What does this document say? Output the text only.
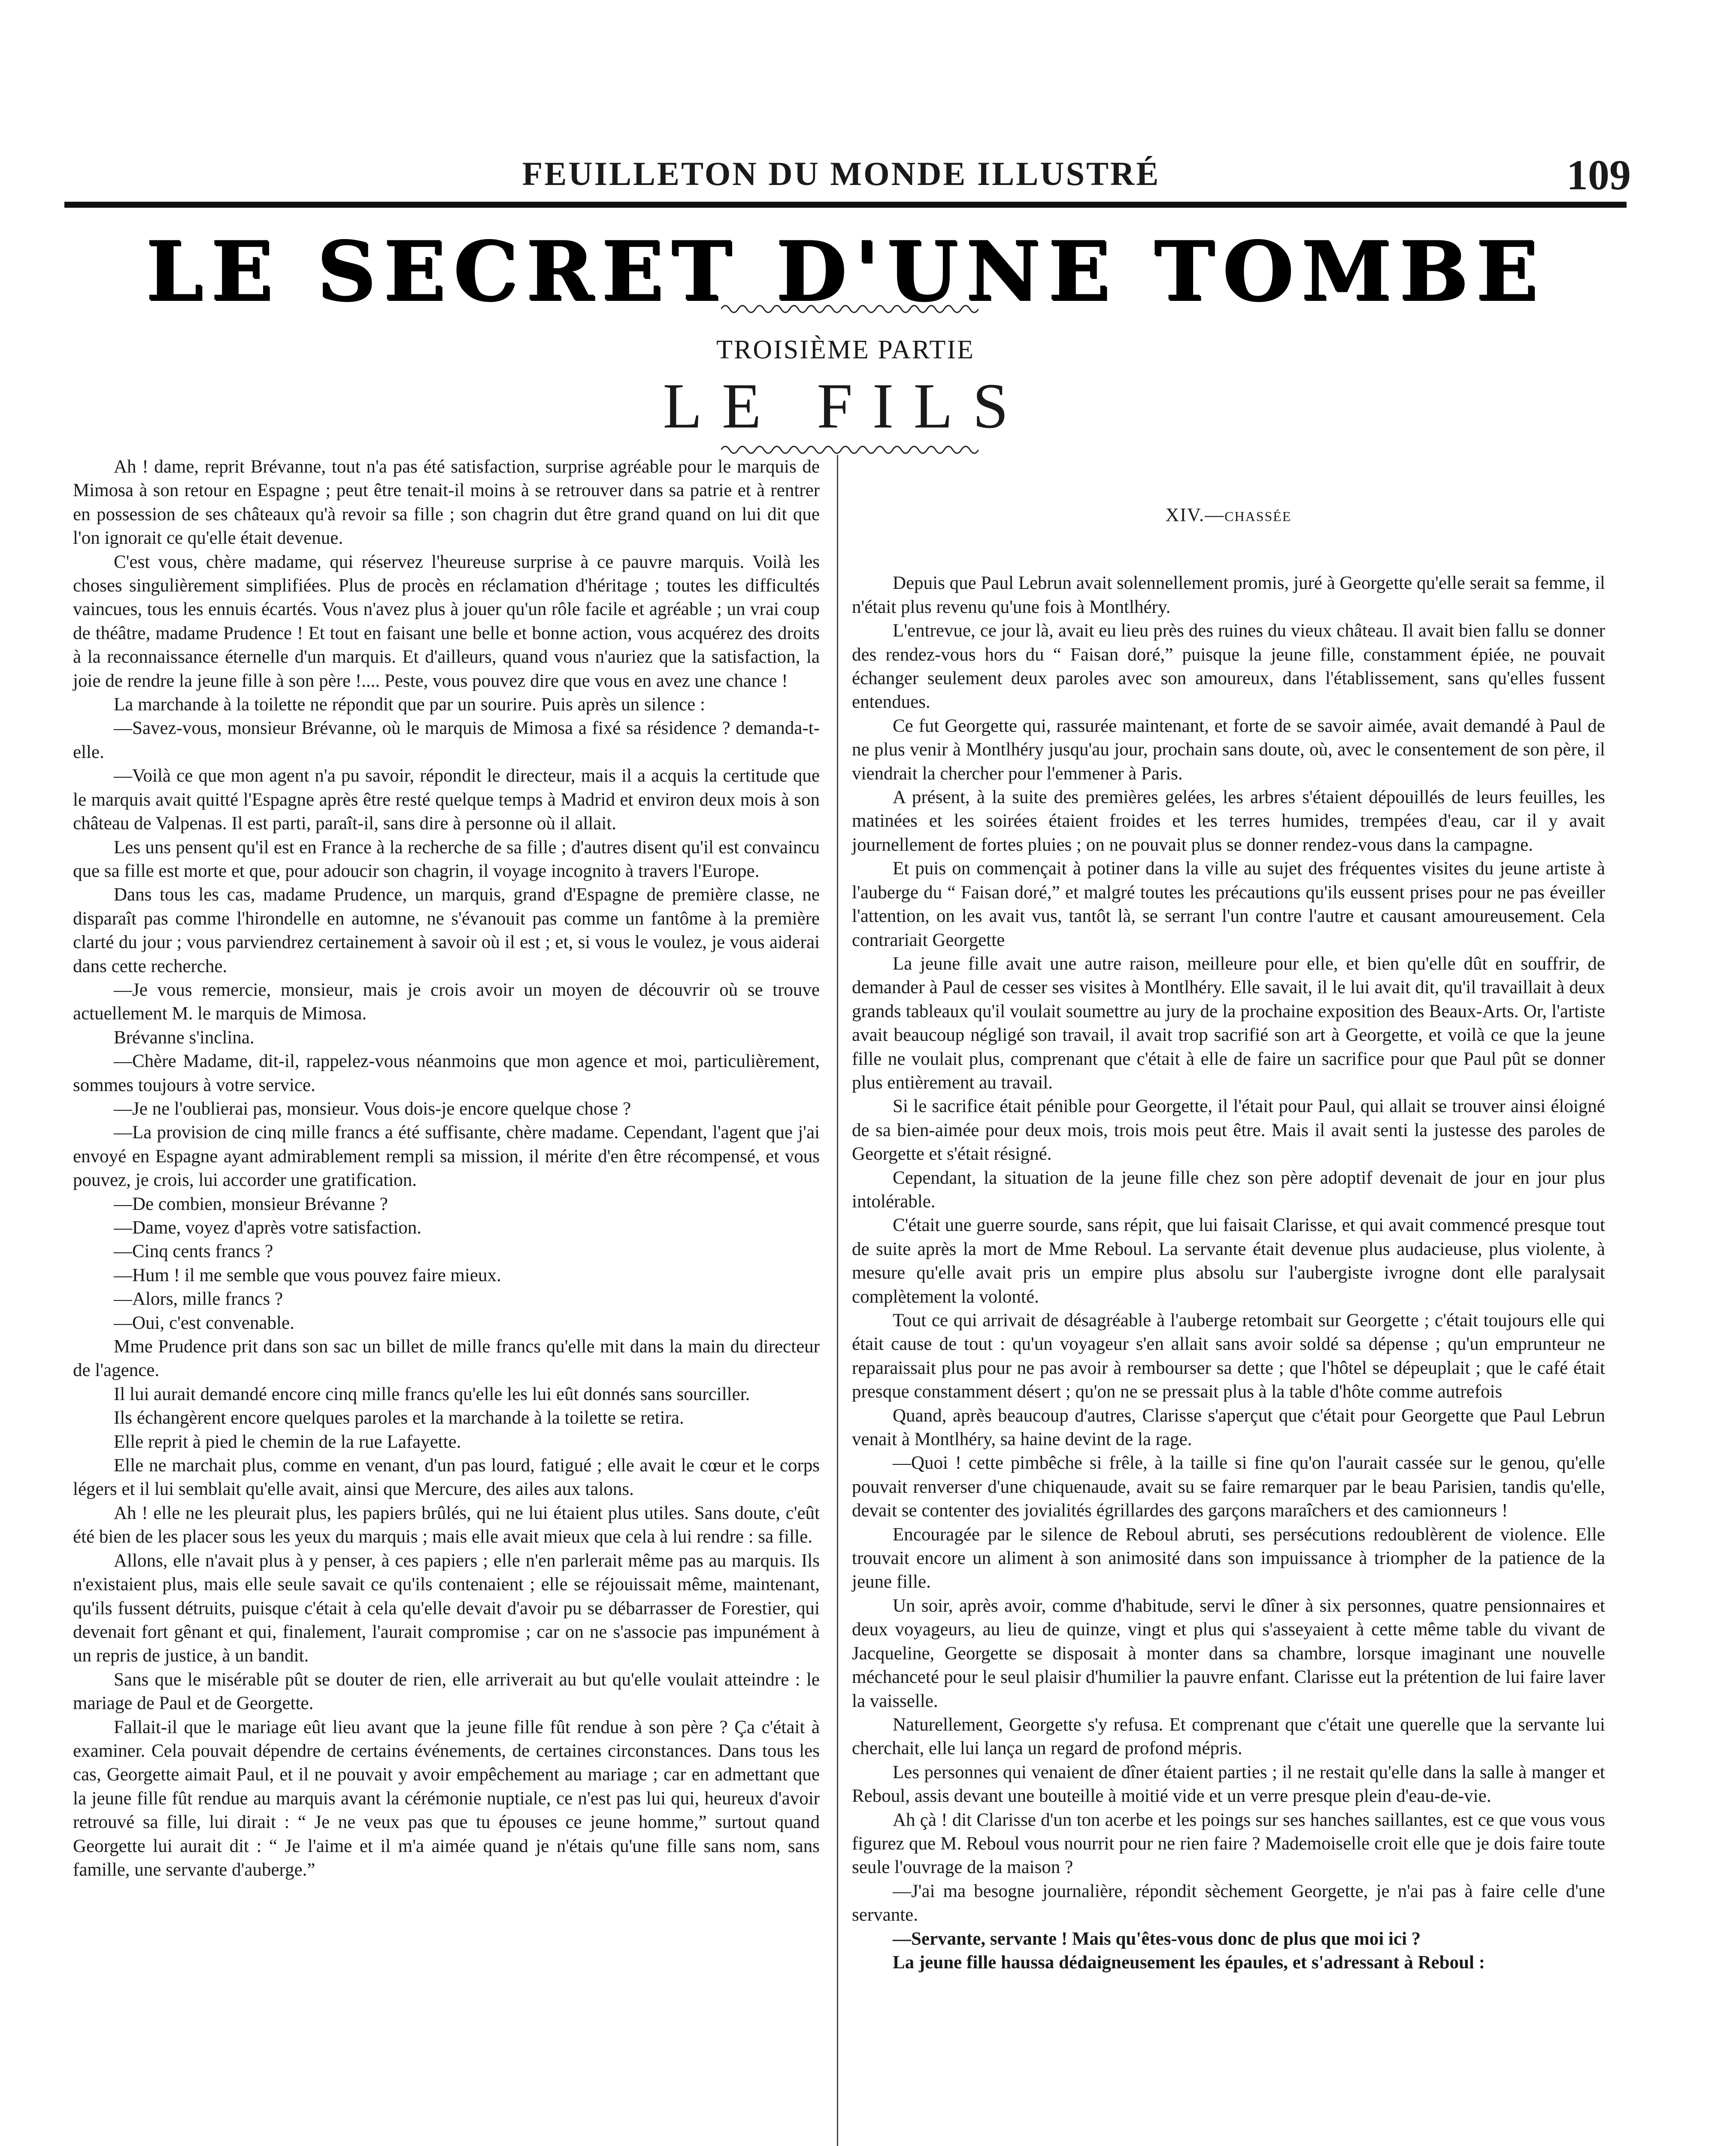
FEUILLETON DU MONDE ILLUSTRÉ	109
LE SECRET D'UNE TOMBE
TROISIÈME PARTIE
LE FILS

Ah ! dame, reprit Brévanne, tout n'a pas été satisfaction, surprise agréable pour le marquis de Mimosa à son retour en Espagne ; peut être tenait-il moins à se retrouver dans sa patrie et à rentrer en possession de ses châteaux qu'à revoir sa fille ; son chagrin dut être grand quand on lui dit que l'on ignorait ce qu'elle était devenue.

C'est vous, chère madame, qui réservez l'heureuse surprise à ce pauvre marquis. Voilà les choses singulièrement simplifiées. Plus de procès en réclamation d'héritage ; toutes les difficultés vaincues, tous les ennuis écartés. Vous n'avez plus à jouer qu'un rôle facile et agréable ; un vrai coup de théâtre, madame Prudence ! Et tout en faisant une belle et bonne action, vous acquérez des droits à la reconnaissance éternelle d'un marquis. Et d'ailleurs, quand vous n'auriez que la satisfaction, la joie de rendre la jeune fille à son père !.... Peste, vous pouvez dire que vous en avez une chance !

La marchande à la toilette ne répondit que par un sourire. Puis après un silence :

—Savez-vous, monsieur Brévanne, où le marquis de Mimosa a fixé sa résidence ? demanda-t-elle.

—Voilà ce que mon agent n'a pu savoir, répondit le directeur, mais il a acquis la certitude que le marquis avait quitté l'Espagne après être resté quelque temps à Madrid et environ deux mois à son château de Valpenas. Il est parti, paraît-il, sans dire à personne où il allait.

Les uns pensent qu'il est en France à la recherche de sa fille ; d'autres disent qu'il est convaincu que sa fille est morte et que, pour adoucir son chagrin, il voyage incognito à travers l'Europe.

Dans tous les cas, madame Prudence, un marquis, grand d'Espagne de première classe, ne disparaît pas comme l'hirondelle en automne, ne s'évanouit pas comme un fantôme à la première clarté du jour ; vous parviendrez certainement à savoir où il est ; et, si vous le voulez, je vous aiderai dans cette recherche.

—Je vous remercie, monsieur, mais je crois avoir un moyen de découvrir où se trouve actuellement M. le marquis de Mimosa.

Brévanne s'inclina.

—Chère Madame, dit-il, rappelez-vous néanmoins que mon agence et moi, particulièrement, sommes toujours à votre service.

—Je ne l'oublierai pas, monsieur. Vous dois-je encore quelque chose ?

—La provision de cinq mille francs a été suffisante, chère madame. Cependant, l'agent que j'ai envoyé en Espagne ayant admirablement rempli sa mission, il mérite d'en être récompensé, et vous pouvez, je crois, lui accorder une gratification.

—De combien, monsieur Brévanne ?

—Dame, voyez d'après votre satisfaction.

—Cinq cents francs ?

—Hum ! il me semble que vous pouvez faire mieux.

—Alors, mille francs ?

—Oui, c'est convenable.

Mme Prudence prit dans son sac un billet de mille francs qu'elle mit dans la main du directeur de l'agence.

Il lui aurait demandé encore cinq mille francs qu'elle les lui eût donnés sans sourciller.

Ils échangèrent encore quelques paroles et la marchande à la toilette se retira.

Elle reprit à pied le chemin de la rue Lafayette.

Elle ne marchait plus, comme en venant, d'un pas lourd, fatigué ; elle avait le cœur et le corps légers et il lui semblait qu'elle avait, ainsi que Mercure, des ailes aux talons.

Ah ! elle ne les pleurait plus, les papiers brûlés, qui ne lui étaient plus utiles. Sans doute, c'eût été bien de les placer sous les yeux du marquis ; mais elle avait mieux que cela à lui rendre : sa fille.

Allons, elle n'avait plus à y penser, à ces papiers ; elle n'en parlerait même pas au marquis. Ils n'existaient plus, mais elle seule savait ce qu'ils contenaient ; elle se réjouissait même, maintenant, qu'ils fussent détruits, puisque c'était à cela qu'elle devait d'avoir pu se débarrasser de Forestier, qui devenait fort gênant et qui, finalement, l'aurait compromise ; car on ne s'associe pas impunément à un repris de justice, à un bandit.

Sans que le misérable pût se douter de rien, elle arriverait au but qu'elle voulait atteindre : le mariage de Paul et de Georgette.

Fallait-il que le mariage eût lieu avant que la jeune fille fût rendue à son père ? Ça c'était à examiner. Cela pouvait dépendre de certains événements, de certaines circonstances. Dans tous les cas, Georgette aimait Paul, et il ne pouvait y avoir empêchement au mariage ; car en admettant que la jeune fille fût rendue au marquis avant la cérémonie nuptiale, ce n'est pas lui qui, heureux d'avoir retrouvé sa fille, lui dirait : “ Je ne veux pas que tu épouses ce jeune homme,” surtout quand Georgette lui aurait dit : “ Je l'aime et il m'a aimée quand je n'étais qu'une fille sans nom, sans famille, une servante d'auberge.”

XIV.—CHASSÉE

Depuis que Paul Lebrun avait solennellement promis, juré à Georgette qu'elle serait sa femme, il n'était plus revenu qu'une fois à Montlhéry.

L'entrevue, ce jour là, avait eu lieu près des ruines du vieux château. Il avait bien fallu se donner des rendez-vous hors du “ Faisan doré,” puisque la jeune fille, constamment épiée, ne pouvait échanger seulement deux paroles avec son amoureux, dans l'établissement, sans qu'elles fussent entendues.

Ce fut Georgette qui, rassurée maintenant, et forte de se savoir aimée, avait demandé à Paul de ne plus venir à Montlhéry jusqu'au jour, prochain sans doute, où, avec le consentement de son père, il viendrait la chercher pour l'emmener à Paris.

A présent, à la suite des premières gelées, les arbres s'étaient dépouillés de leurs feuilles, les matinées et les soirées étaient froides et les terres humides, trempées d'eau, car il y avait journellement de fortes pluies ; on ne pouvait plus se donner rendez-vous dans la campagne.

Et puis on commençait à potiner dans la ville au sujet des fréquentes visites du jeune artiste à l'auberge du “ Faisan doré,” et malgré toutes les précautions qu'ils eussent prises pour ne pas éveiller l'attention, on les avait vus, tantôt là, se serrant l'un contre l'autre et causant amoureusement. Cela contrariait Georgette

La jeune fille avait une autre raison, meilleure pour elle, et bien qu'elle dût en souffrir, de demander à Paul de cesser ses visites à Montlhéry. Elle savait, il le lui avait dit, qu'il travaillait à deux grands tableaux qu'il voulait soumettre au jury de la prochaine exposition des Beaux-Arts. Or, l'artiste avait beaucoup négligé son travail, il avait trop sacrifié son art à Georgette, et voilà ce que la jeune fille ne voulait plus, comprenant que c'était à elle de faire un sacrifice pour que Paul pût se donner plus entièrement au travail.

Si le sacrifice était pénible pour Georgette, il l'était pour Paul, qui allait se trouver ainsi éloigné de sa bien-aimée pour deux mois, trois mois peut être. Mais il avait senti la justesse des paroles de Georgette et s'était résigné.

Cependant, la situation de la jeune fille chez son père adoptif devenait de jour en jour plus intolérable.

C'était une guerre sourde, sans répit, que lui faisait Clarisse, et qui avait commencé presque tout de suite après la mort de Mme Reboul. La servante était devenue plus audacieuse, plus violente, à mesure qu'elle avait pris un empire plus absolu sur l'aubergiste ivrogne dont elle paralysait complètement la volonté.

Tout ce qui arrivait de désagréable à l'auberge retombait sur Georgette ; c'était toujours elle qui était cause de tout : qu'un voyageur s'en allait sans avoir soldé sa dépense ; qu'un emprunteur ne reparaissait plus pour ne pas avoir à rembourser sa dette ; que l'hôtel se dépeuplait ; que le café était presque constamment désert ; qu'on ne se pressait plus à la table d'hôte comme autrefois

Quand, après beaucoup d'autres, Clarisse s'aperçut que c'était pour Georgette que Paul Lebrun venait à Montlhéry, sa haine devint de la rage.

—Quoi ! cette pimbêche si frêle, à la taille si fine qu'on l'aurait cassée sur le genou, qu'elle pouvait renverser d'une chiquenaude, avait su se faire remarquer par le beau Parisien, tandis qu'elle, devait se contenter des jovialités égrillardes des garçons maraîchers et des camionneurs !

Encouragée par le silence de Reboul abruti, ses persécutions redoublèrent de violence. Elle trouvait encore un aliment à son animosité dans son impuissance à triompher de la patience de la jeune fille.

Un soir, après avoir, comme d'habitude, servi le dîner à six personnes, quatre pensionnaires et deux voyageurs, au lieu de quinze, vingt et plus qui s'asseyaient à cette même table du vivant de Jacqueline, Georgette se disposait à monter dans sa chambre, lorsque imaginant une nouvelle méchanceté pour le seul plaisir d'humilier la pauvre enfant. Clarisse eut la prétention de lui faire laver la vaisselle.

Naturellement, Georgette s'y refusa. Et comprenant que c'était une querelle que la servante lui cherchait, elle lui lança un regard de profond mépris.

Les personnes qui venaient de dîner étaient parties ; il ne restait qu'elle dans la salle à manger et Reboul, assis devant une bouteille à moitié vide et un verre presque plein d'eau-de-vie.

Ah çà ! dit Clarisse d'un ton acerbe et les poings sur ses hanches saillantes, est ce que vous vous figurez que M. Reboul vous nourrit pour ne rien faire ? Mademoiselle croit elle que je dois faire toute seule l'ouvrage de la maison ?

—J'ai ma besogne journalière, répondit sèchement Georgette, je n'ai pas à faire celle d'une servante.

—Servante, servante ! Mais qu'êtes-vous donc de plus que moi ici ?

La jeune fille haussa dédaigneusement les épaules, et s'adressant à Reboul :
